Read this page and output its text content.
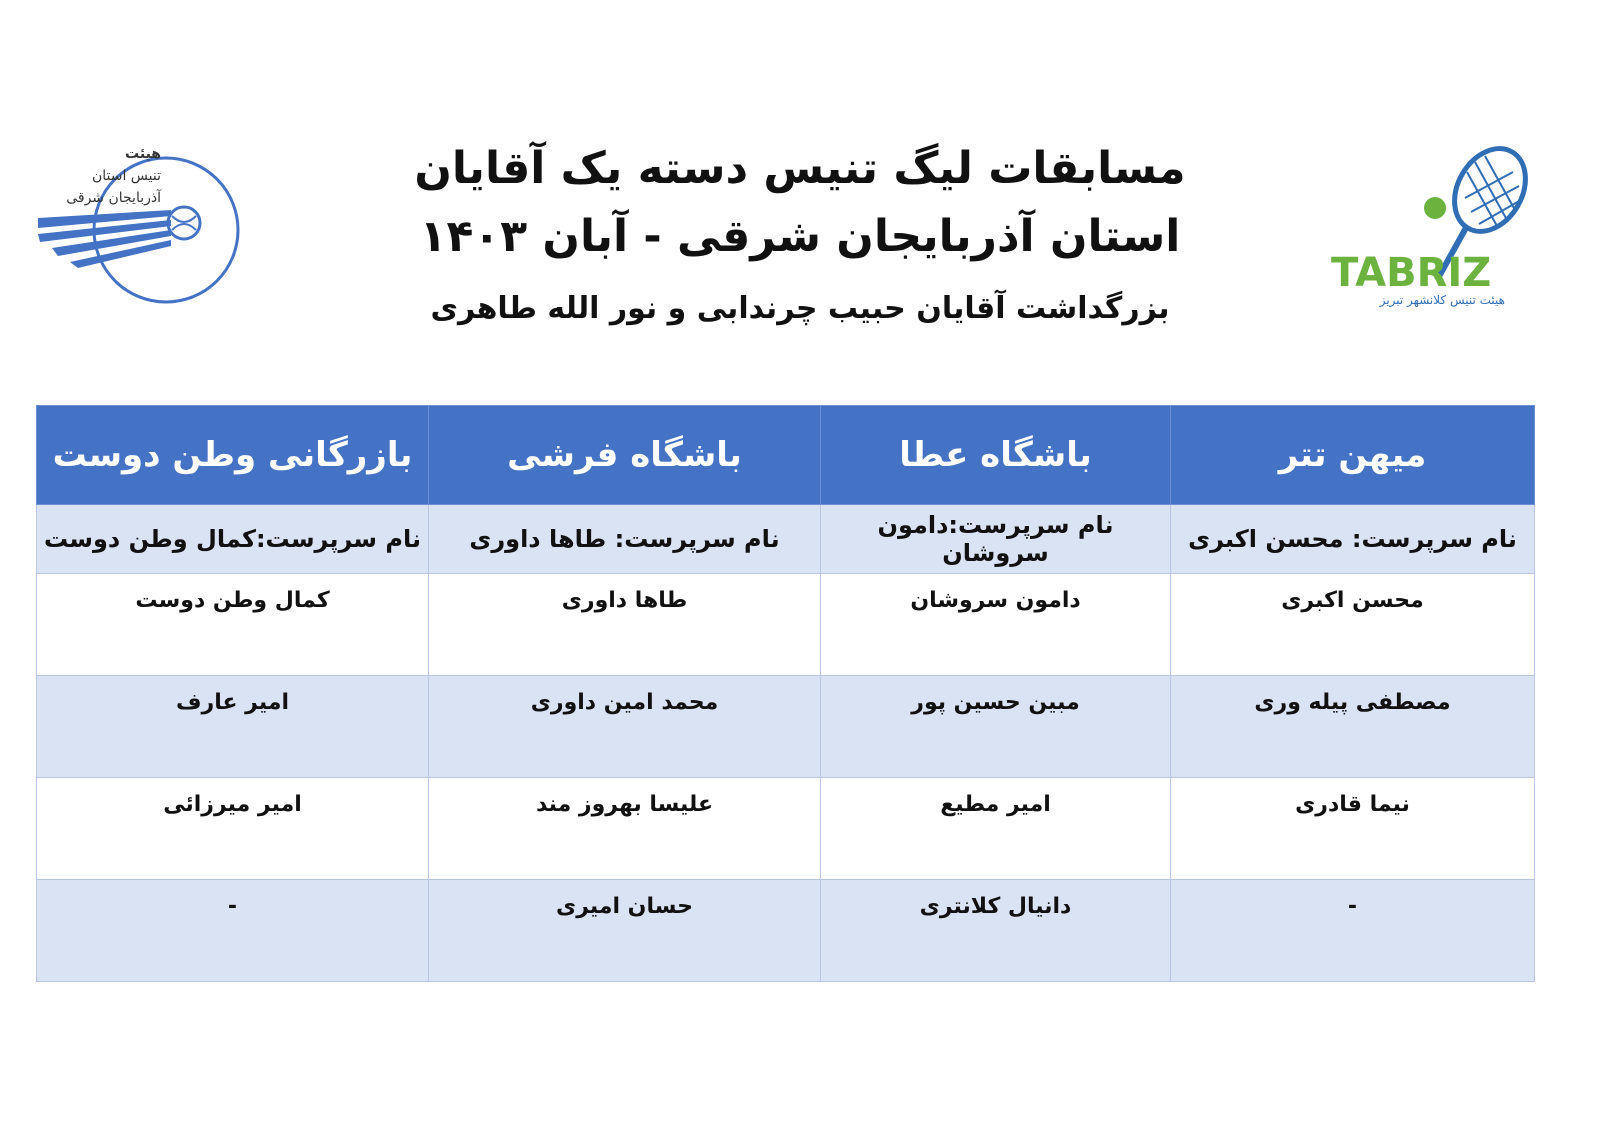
هیئت
تنیس استان
آذربایجان شرقی
مسابقات لیگ تنیس دسته یک آقایان
استان آذربایجان شرقی - آبان ۱۴۰۳
بزرگداشت آقایان حبیب چرندابی و نور الله طاهری
TABRIZ
هیئت تنیس کلانشهر تبریز
میهن تتر	باشگاه عطا	باشگاه فرشی	بازرگانی وطن دوست
نام سرپرست: محسن اکبری	نام سرپرست:دامون سروشان	نام سرپرست: طاها داوری	نام سرپرست:کمال وطن دوست
محسن اکبری	دامون سروشان	طاها داوری	کمال وطن دوست
مصطفی پیله وری	مبین حسین پور	محمد امین داوری	امیر عارف
نیما قادری	امیر مطیع	علیسا بهروز مند	امیر میرزائی
-	دانیال کلانتری	حسان امیری	-
